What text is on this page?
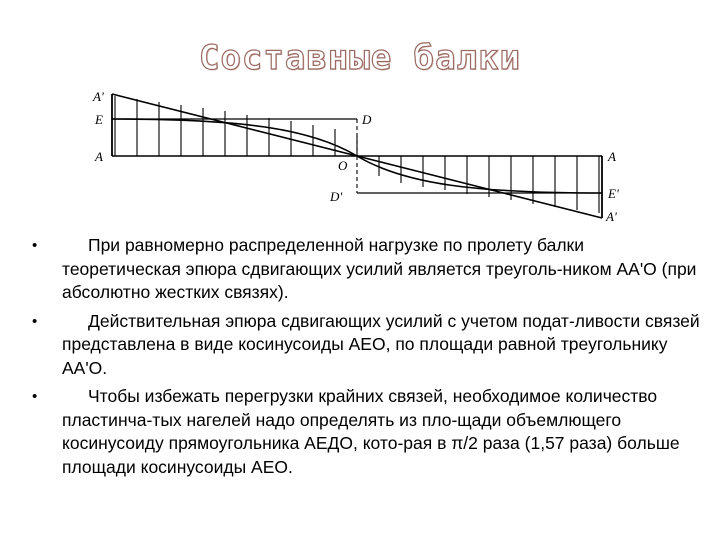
Составные балки
A'
E
A
D
O
D'
A
E'
A'
•	При равномерно распределенной нагрузке по пролету балки теоретическая эпюра сдвигающих усилий является треуголь-ником АА'О (при абсолютно жестких связях).
•	Действительная эпюра сдвигающих усилий с учетом подат-ливости связей представлена в виде косинусоиды АЕО, по площади равной треугольнику АА'О.
•	Чтобы избежать перегрузки крайних связей, необходимое количество пластинча-тых нагелей надо определять из пло-щади объемлющего косинусоиду прямоугольника АЕДО, кото-рая в π/2 раза (1,57 раза) больше площади косинусоиды АЕО.
